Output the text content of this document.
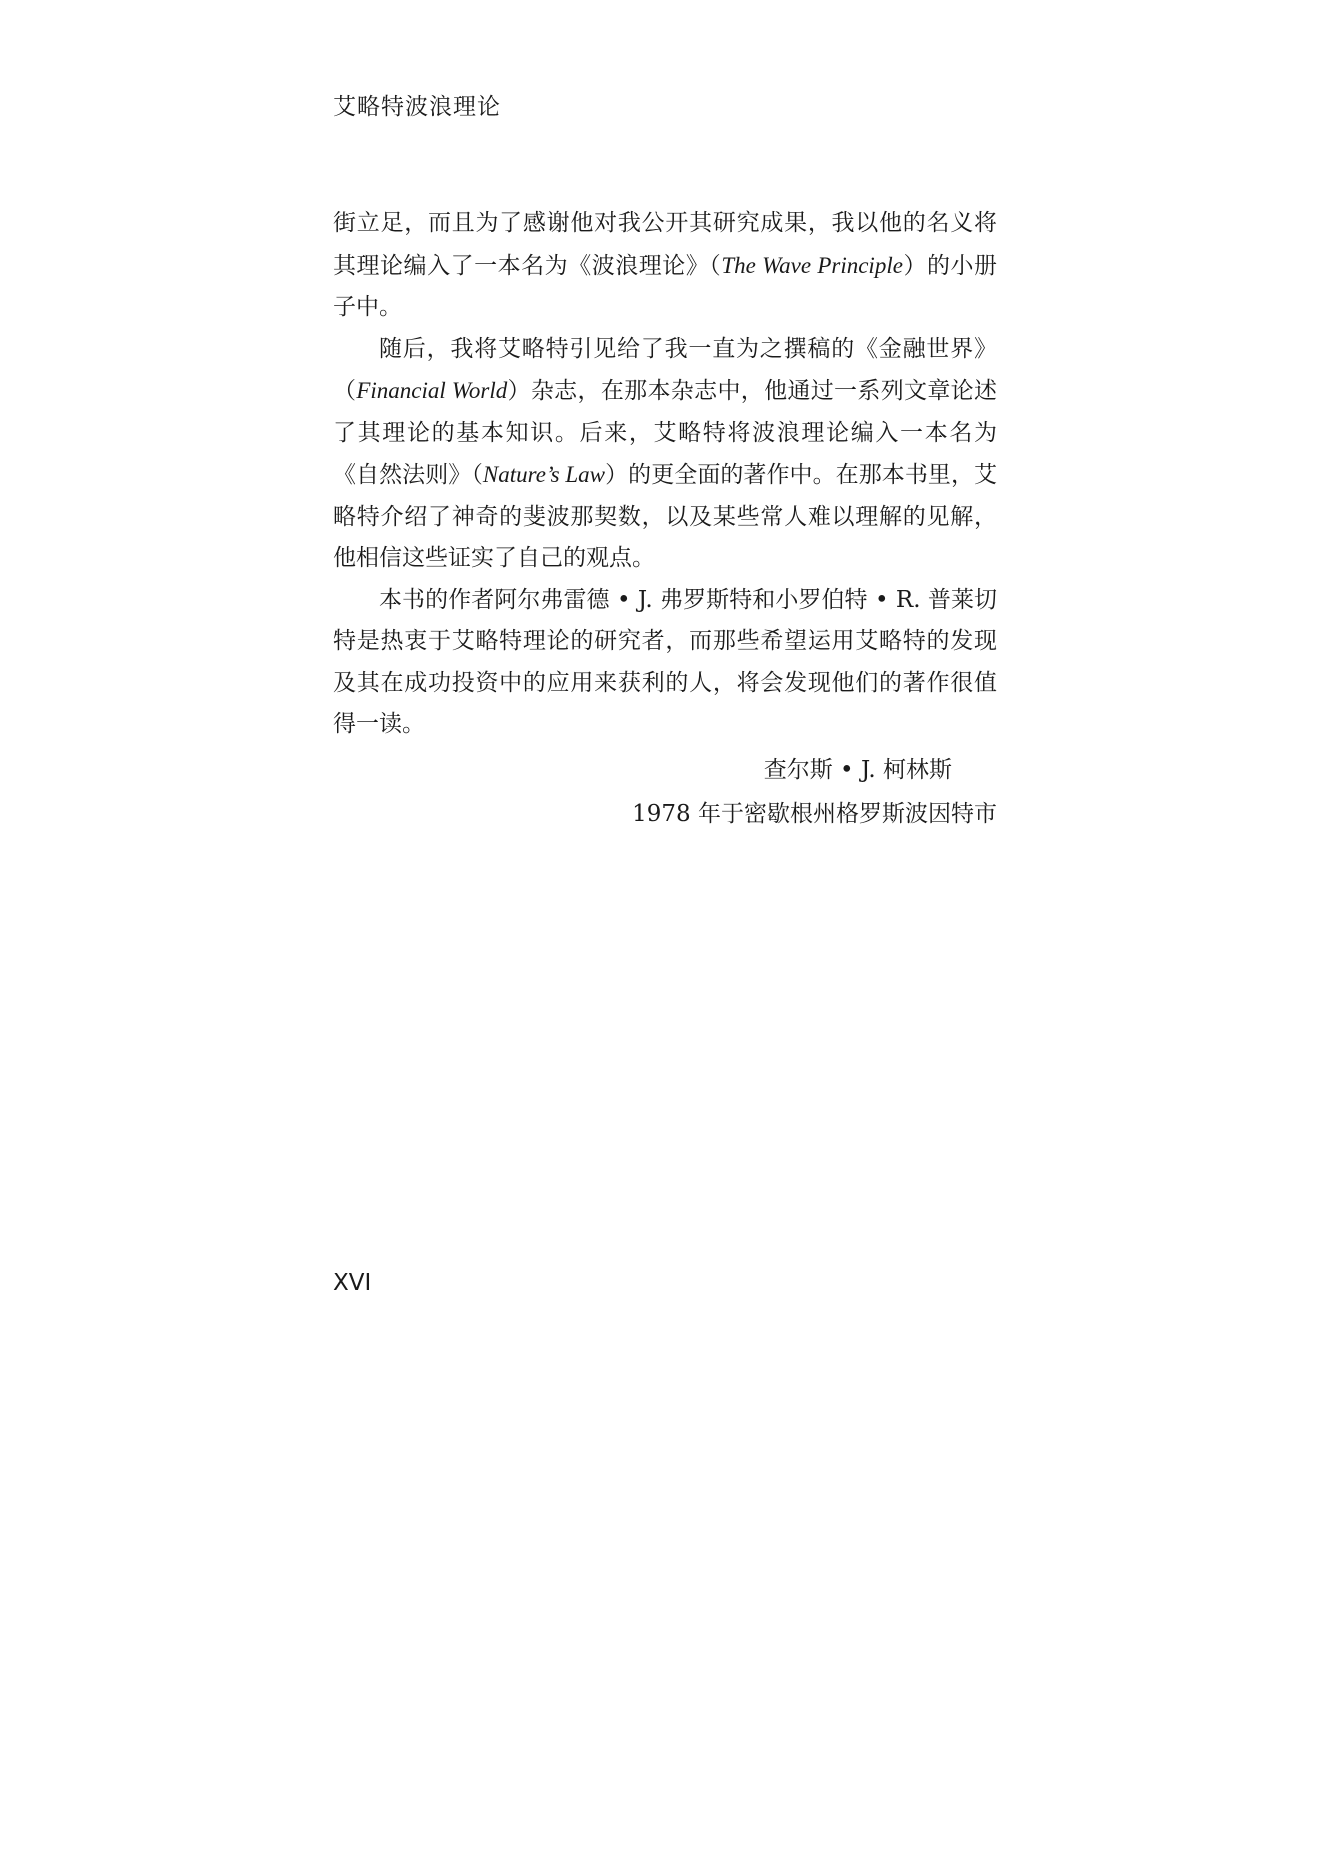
艾略特波浪理论

街立足，而且为了感谢他对我公开其研究成果，我以他的名义将其理论编入了一本名为《波浪理论》（The Wave Principle）的小册子中。

随后，我将艾略特引见给了我一直为之撰稿的《金融世界》（Financial World）杂志，在那本杂志中，他通过一系列文章论述了其理论的基本知识。后来，艾略特将波浪理论编入一本名为《自然法则》（Nature’s Law）的更全面的著作中。在那本书里，艾略特介绍了神奇的斐波那契数，以及某些常人难以理解的见解，他相信这些证实了自己的观点。

本书的作者阿尔弗雷德 • J. 弗罗斯特和小罗伯特 • R. 普莱切特是热衷于艾略特理论的研究者，而那些希望运用艾略特的发现及其在成功投资中的应用来获利的人，将会发现他们的著作很值得一读。

查尔斯 • J. 柯林斯
1978 年于密歇根州格罗斯波因特市

XVI
